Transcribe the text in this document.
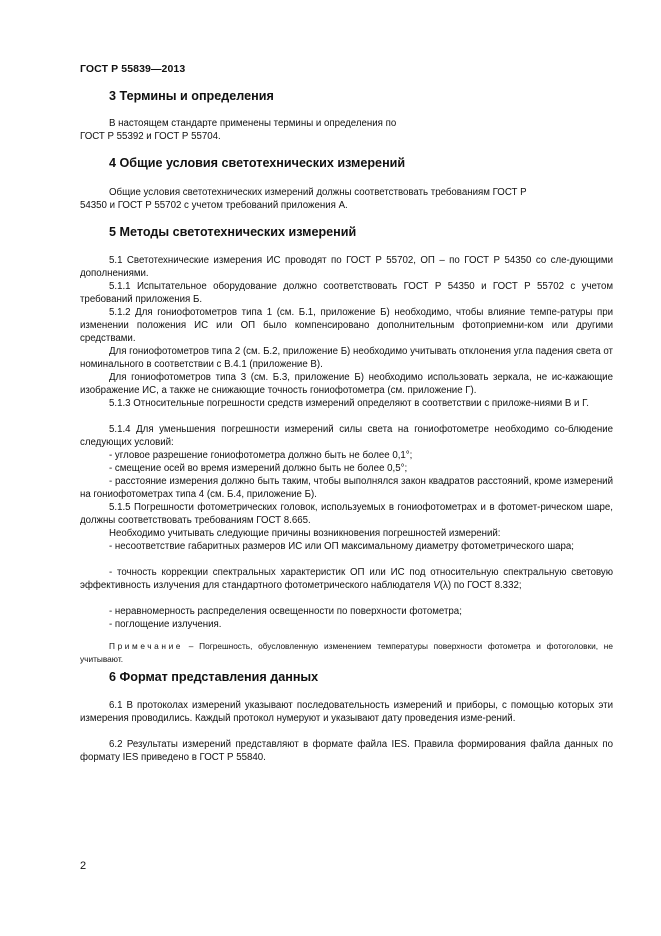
ГОСТ Р 55839—2013
3 Термины и определения

В настоящем стандарте применены термины и определения по

ГОСТ Р 55392 и ГОСТ Р 55704.

4 Общие условия светотехнических измерений

Общие условия светотехнических измерений должны соответствовать требованиям ГОСТ Р

54350 и ГОСТ Р 55702 с учетом требований приложения А.

5 Методы светотехнических измерений

5.1 Светотехнические измерения ИС проводят по ГОСТ Р 55702, ОП – по ГОСТ Р 54350 со сле-дующими дополнениями.

5.1.1 Испытательное оборудование должно соответствовать ГОСТ Р 54350 и ГОСТ Р 55702 с учетом требований приложения Б.

5.1.2 Для гониофотометров типа 1 (см. Б.1, приложение Б) необходимо, чтобы влияние темпе-ратуры при изменении положения ИС или ОП было компенсировано дополнительным фотоприемни-ком или другими средствами.

Для гониофотометров типа 2 (см. Б.2, приложение Б) необходимо учитывать отклонения угла падения света от номинального в соответствии с В.4.1 (приложение В).

Для гониофотометров типа 3 (см. Б.3, приложение Б) необходимо использовать зеркала, не ис-кажающие изображение ИС, а также не снижающие точность гониофотометра (см. приложение Г).

5.1.3 Относительные погрешности средств измерений определяют в соответствии с приложе-ниями В и Г.

5.1.4 Для уменьшения погрешности измерений силы света на гониофотометре необходимо со-блюдение следующих условий:

- угловое разрешение гониофотометра должно быть не более 0,1°;

- смещение осей во время измерений должно быть не более 0,5°;

- расстояние измерения должно быть таким, чтобы выполнялся закон квадратов расстояний, кроме измерений на гониофотометрах типа 4 (см. Б.4, приложение Б).

5.1.5 Погрешности фотометрических головок, используемых в гониофотометрах и в фотомет-рическом шаре, должны соответствовать требованиям ГОСТ 8.665.

Необходимо учитывать следующие причины возникновения погрешностей измерений:

- несоответствие габаритных размеров ИС или ОП максимальному диаметру фотометрического шара;

- точность коррекции спектральных характеристик ОП или ИС под относительную спектральную световую эффективность излучения для стандартного фотометрического наблюдателя V(λ) по ГОСТ 8.332;

- неравномерность распределения освещенности по поверхности фотометра;

- поглощение излучения.

Примечание – Погрешность, обусловленную изменением температуры поверхности фотометра и фотоголовки, не учитывают.

6 Формат представления данных

6.1 В протоколах измерений указывают последовательность измерений и приборы, с помощью которых эти измерения проводились. Каждый протокол нумеруют и указывают дату проведения изме-рений.

6.2 Результаты измерений представляют в формате файла IES. Правила формирования файла данных по формату IES приведено в ГОСТ Р 55840.

2
